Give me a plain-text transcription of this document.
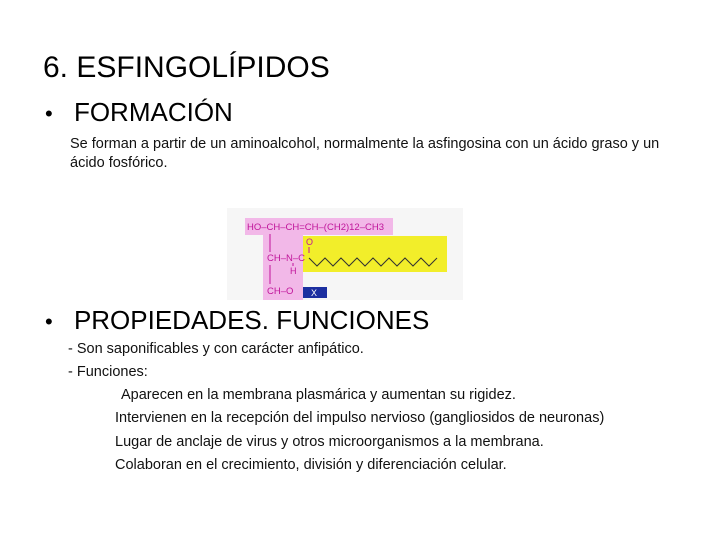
6. ESFINGOLÍPIDOS
• FORMACIÓN

Se forman a partir de un aminoalcohol, normalmente la asfingosina con un ácido graso y un ácido fosfórico.

HO–CH–CH=CH–(CH2)12–CH3
CH–N–C
O
H
CH–O X
• PROPIEDADES. FUNCIONES
- Son saponificables y con carácter anfipático.
- Funciones:
Aparecen en la membrana plasmárica y aumentan su rigidez.
Intervienen en la recepción del impulso nervioso (gangliosidos de neuronas)
Lugar de anclaje de virus y otros microorganismos a la membrana.
Colaboran en el crecimiento, división y diferenciación celular.
